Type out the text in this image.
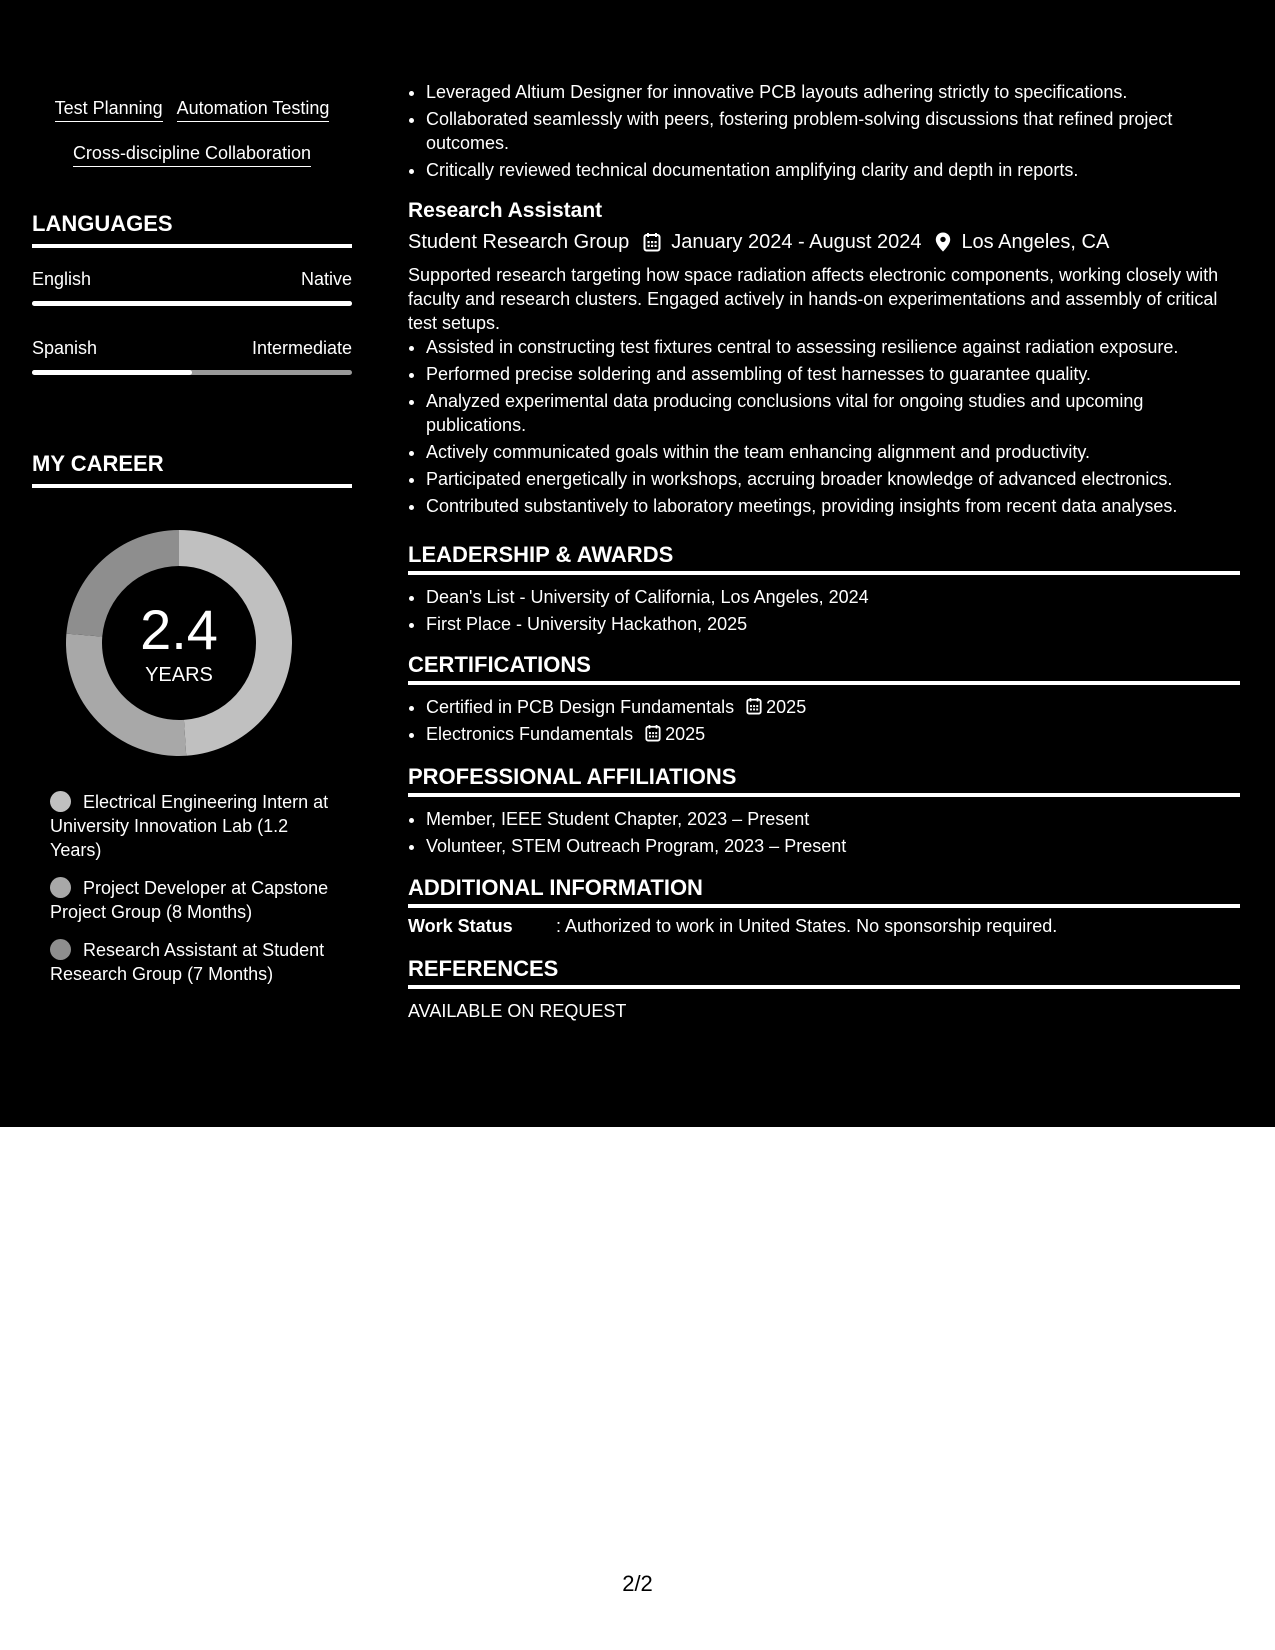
Test Planning Automation Testing
Cross-discipline Collaboration
LANGUAGES
English	Native
Spanish	Intermediate
MY CAREER
2.4
YEARS
Electrical Engineering Intern at University Innovation Lab (1.2 Years)
Project Developer at Capstone Project Group (8 Months)
Research Assistant at Student Research Group (7 Months)
• Leveraged Altium Designer for innovative PCB layouts adhering strictly to specifications.
• Collaborated seamlessly with peers, fostering problem-solving discussions that refined project outcomes.
• Critically reviewed technical documentation amplifying clarity and depth in reports.
Research Assistant
Student Research Group January 2024 - August 2024 Los Angeles, CA
Supported research targeting how space radiation affects electronic components, working closely with faculty and research clusters. Engaged actively in hands-on experimentations and assembly of critical test setups.
• Assisted in constructing test fixtures central to assessing resilience against radiation exposure.
• Performed precise soldering and assembling of test harnesses to guarantee quality.
• Analyzed experimental data producing conclusions vital for ongoing studies and upcoming publications.
• Actively communicated goals within the team enhancing alignment and productivity.
• Participated energetically in workshops, accruing broader knowledge of advanced electronics.
• Contributed substantively to laboratory meetings, providing insights from recent data analyses.
LEADERSHIP & AWARDS
• Dean's List - University of California, Los Angeles, 2024
• First Place - University Hackathon, 2025
CERTIFICATIONS
• Certified in PCB Design Fundamentals 2025
• Electronics Fundamentals 2025
PROFESSIONAL AFFILIATIONS
• Member, IEEE Student Chapter, 2023 – Present
• Volunteer, STEM Outreach Program, 2023 – Present
ADDITIONAL INFORMATION
Work Status	: Authorized to work in United States. No sponsorship required.
REFERENCES
AVAILABLE ON REQUEST
2/2
